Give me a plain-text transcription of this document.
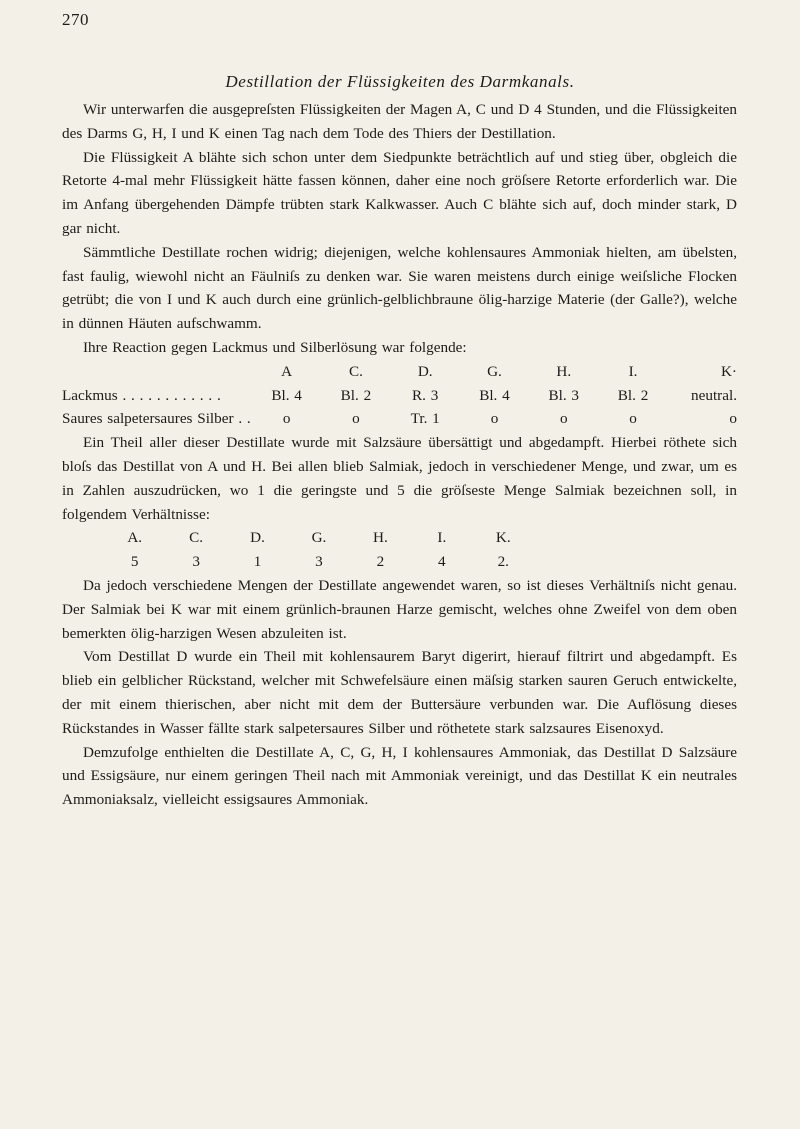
270
Destillation der Flüssigkeiten des Darmkanals.

Wir unterwarfen die ausgepreſsten Flüssigkeiten der Magen A, C und D 4 Stunden, und die Flüssigkeiten des Darms G, H, I und K einen Tag nach dem Tode des Thiers der Destillation.

Die Flüssigkeit A blähte sich schon unter dem Siedpunkte beträchtlich auf und stieg über, obgleich die Retorte 4-mal mehr Flüssigkeit hätte fassen können, daher eine noch gröſsere Retorte erforderlich war. Die im Anfang übergehenden Dämpfe trübten stark Kalkwasser. Auch C blähte sich auf, doch minder stark, D gar nicht.

Sämmtliche Destillate rochen widrig; diejenigen, welche kohlensaures Ammoniak hielten, am übelsten, fast faulig, wiewohl nicht an Fäulniſs zu denken war. Sie waren meistens durch einige weiſsliche Flocken getrübt; die von I und K auch durch eine grünlich-gelblichbraune ölig-harzige Materie (der Galle?), welche in dünnen Häuten aufschwamm.

Ihre Reaction gegen Lackmus und Silberlösung war folgende:

	A	C.	D.	G.	H.	I.	K·
Lackmus . . . . . . . . . . . .	Bl. 4	Bl. 2	R. 3	Bl. 4	Bl. 3	Bl. 2	neutral.
Saures salpetersaures Silber . .	o	o	Tr. 1	o	o	o	o

Ein Theil aller dieser Destillate wurde mit Salzsäure übersättigt und abgedampft. Hierbei röthete sich bloſs das Destillat von A und H. Bei allen blieb Salmiak, jedoch in verschiedener Menge, und zwar, um es in Zahlen auszudrücken, wo 1 die geringste und 5 die gröſseste Menge Salmiak bezeichnen soll, in folgendem Verhältnisse:

A.	C.	D.	G.	H.	I.	K.
5	3	1	3	2	4	2.

Da jedoch verschiedene Mengen der Destillate angewendet waren, so ist dieses Verhältniſs nicht genau. Der Salmiak bei K war mit einem grünlich-braunen Harze gemischt, welches ohne Zweifel von dem oben bemerkten ölig-harzigen Wesen abzuleiten ist.

Vom Destillat D wurde ein Theil mit kohlensaurem Baryt digerirt, hierauf filtrirt und abgedampft. Es blieb ein gelblicher Rückstand, welcher mit Schwefelsäure einen mäſsig starken sauren Geruch entwickelte, der mit einem thierischen, aber nicht mit dem der Buttersäure verbunden war. Die Auflösung dieses Rückstandes in Wasser fällte stark salpetersaures Silber und röthetete stark salzsaures Eisenoxyd.

Demzufolge enthielten die Destillate A, C, G, H, I kohlensaures Ammoniak, das Destillat D Salzsäure und Essigsäure, nur einem geringen Theil nach mit Ammoniak vereinigt, und das Destillat K ein neutrales Ammoniaksalz, vielleicht essigsaures Ammoniak.
